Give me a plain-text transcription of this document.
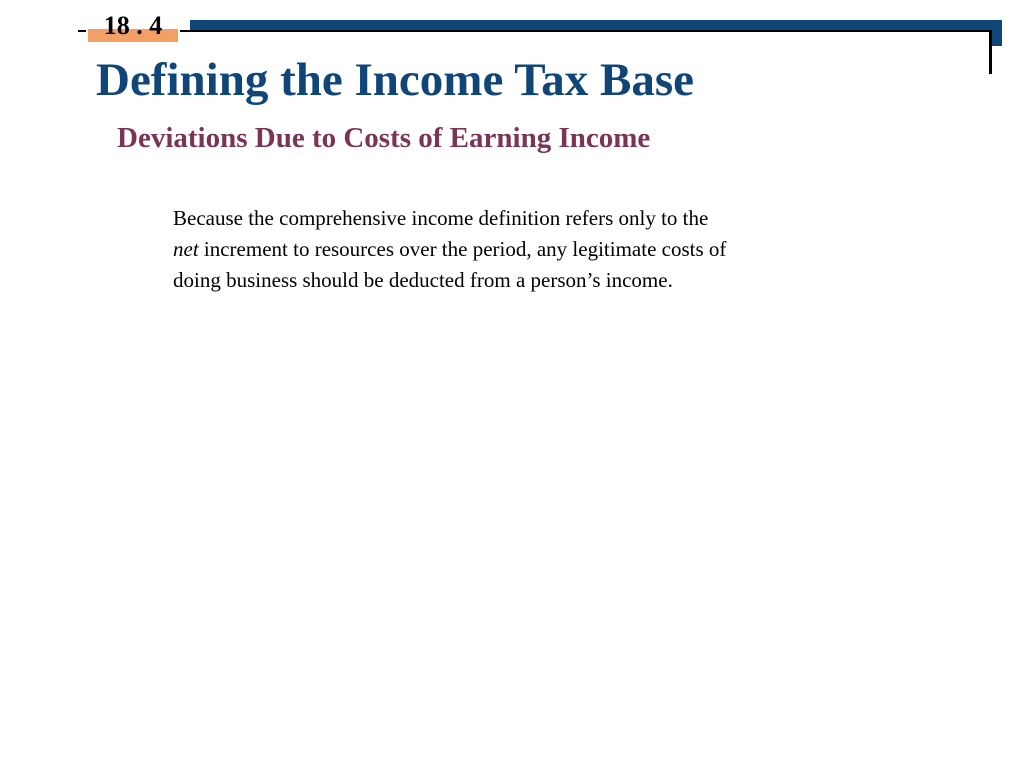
18 . 4
Defining the Income Tax Base
Deviations Due to Costs of Earning Income

Because the comprehensive income definition refers only to the
net increment to resources over the period, any legitimate costs of
doing business should be deducted from a person’s income.
